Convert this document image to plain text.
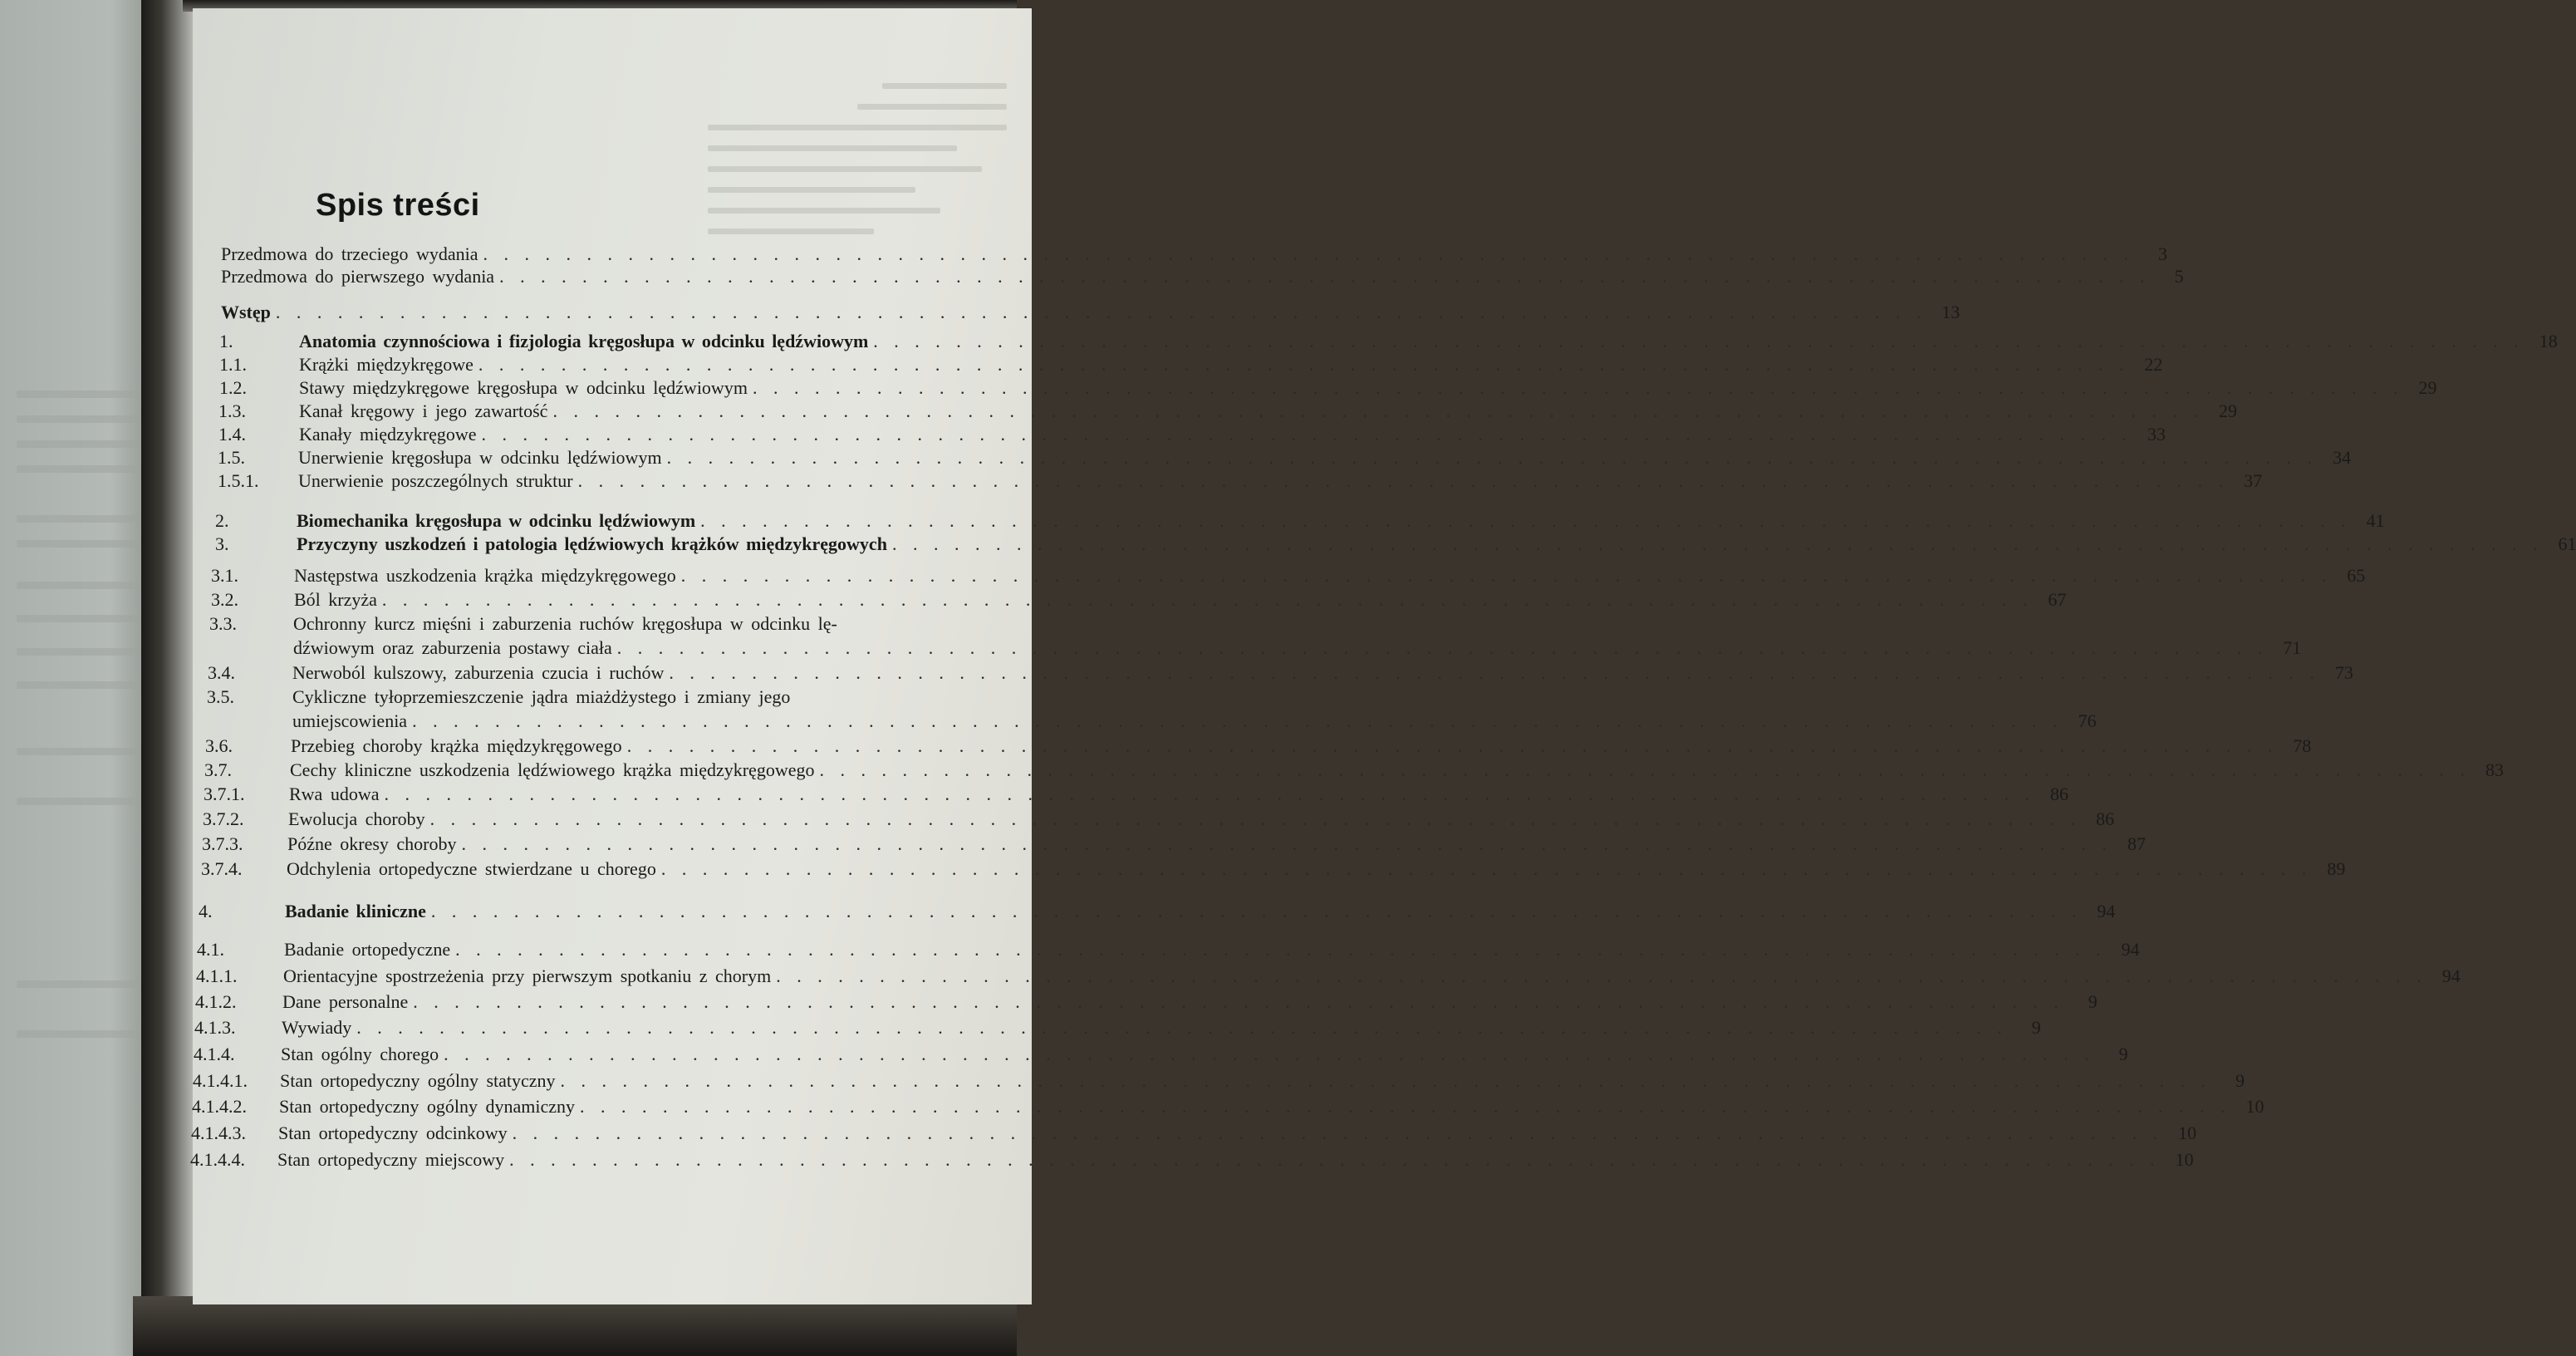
Spis treści
Przedmowa do trzeciego wydania . . . . . . . . . . . . . . . . . . . . . . . . . . . . . . . . . . . . . . . . . . . . . . . . . . . . . . . . . . . . . . . . . . . . . . . . . . . . . . . .	3
Przedmowa do pierwszego wydania . . . . . . . . . . . . . . . . . . . . . . . . . . . . . . . . . . . . . . . . . . . . . . . . . . . . . . . . . . . . . . . . . . . . . . . . . . . . . . . .	5
Wstęp . . . . . . . . . . . . . . . . . . . . . . . . . . . . . . . . . . . . . . . . . . . . . . . . . . . . . . . . . . . . . . . . . . . . . . . . . . . . . . . . 13
1.	Anatomia czynnościowa i fizjologia kręgosłupa w odcinku lędźwiowym . . . . . . . . . . . . . . . . . . . . . . . . . . . . . . . . . . . . . . . . . . . . . . . . . . . . . . . . . . . . . . . . . . . . . . . . . . . . . . . . 18
1.1.	Krążki międzykręgowe . . . . . . . . . . . . . . . . . . . . . . . . . . . . . . . . . . . . . . . . . . . . . . . . . . . . . . . . . . . . . . . . . . . . . . . . . . . . . . . . 22
1.2.	Stawy międzykręgowe kręgosłupa w odcinku lędźwiowym . . . . . . . . . . . . . . . . . . . . . . . . . . . . . . . . . . . . . . . . . . . . . . . . . . . . . . . . . . . . . . . . . . . . . . . . . . . . . . . . 29
1.3.	Kanał kręgowy i jego zawartość . . . . . . . . . . . . . . . . . . . . . . . . . . . . . . . . . . . . . . . . . . . . . . . . . . . . . . . . . . . . . . . . . . . . . . . . . . . . . . . . 29
1.4.	Kanały międzykręgowe . . . . . . . . . . . . . . . . . . . . . . . . . . . . . . . . . . . . . . . . . . . . . . . . . . . . . . . . . . . . . . . . . . . . . . . . . . . . . . . . 33
1.5.	Unerwienie kręgosłupa w odcinku lędźwiowym . . . . . . . . . . . . . . . . . . . . . . . . . . . . . . . . . . . . . . . . . . . . . . . . . . . . . . . . . . . . . . . . . . . . . . . . . . . . . . . . 34
1.5.1.	Unerwienie poszczególnych struktur . . . . . . . . . . . . . . . . . . . . . . . . . . . . . . . . . . . . . . . . . . . . . . . . . . . . . . . . . . . . . . . . . . . . . . . . . . . . . . . . 37
2.	Biomechanika kręgosłupa w odcinku lędźwiowym . . . . . . . . . . . . . . . . . . . . . . . . . . . . . . . . . . . . . . . . . . . . . . . . . . . . . . . . . . . . . . . . . . . . . . . . . . . . . . . . 41
3.	Przyczyny uszkodzeń i patologia lędźwiowych krążków międzykręgowych . . . . . . . . . . . . . . . . . . . . . . . . . . . . . . . . . . . . . . . . . . . . . . . . . . . . . . . . . . . . . . . . . . . . . . . . . . . . . . . . 61
3.1.	Następstwa uszkodzenia krążka międzykręgowego . . . . . . . . . . . . . . . . . . . . . . . . . . . . . . . . . . . . . . . . . . . . . . . . . . . . . . . . . . . . . . . . . . . . . . . . . . . . . . . . 65
3.2.	Ból krzyża . . . . . . . . . . . . . . . . . . . . . . . . . . . . . . . . . . . . . . . . . . . . . . . . . . . . . . . . . . . . . . . . . . . . . . . . . . . . . . . . 67
3.3.	Ochronny kurcz mięśni i zaburzenia ruchów kręgosłupa w odcinku lę-
dźwiowym oraz zaburzenia postawy ciała . . . . . . . . . . . . . . . . . . . . . . . . . . . . . . . . . . . . . . . . . . . . . . . . . . . . . . . . . . . . . . . . . . . . . . . . . . . . . . . . 71
3.4.	Nerwoból kulszowy, zaburzenia czucia i ruchów . . . . . . . . . . . . . . . . . . . . . . . . . . . . . . . . . . . . . . . . . . . . . . . . . . . . . . . . . . . . . . . . . . . . . . . . . . . . . . . . 73
3.5.	Cykliczne tyłoprzemieszczenie jądra miażdżystego i zmiany jego
umiejscowienia . . . . . . . . . . . . . . . . . . . . . . . . . . . . . . . . . . . . . . . . . . . . . . . . . . . . . . . . . . . . . . . . . . . . . . . . . . . . . . . . 76
3.6.	Przebieg choroby krążka międzykręgowego . . . . . . . . . . . . . . . . . . . . . . . . . . . . . . . . . . . . . . . . . . . . . . . . . . . . . . . . . . . . . . . . . . . . . . . . . . . . . . . . 78
3.7.	Cechy kliniczne uszkodzenia lędźwiowego krążka międzykręgowego . . . . . . . . . . . . . . . . . . . . . . . . . . . . . . . . . . . . . . . . . . . . . . . . . . . . . . . . . . . . . . . . . . . . . . . . . . . . . . . . 83
3.7.1.	Rwa udowa . . . . . . . . . . . . . . . . . . . . . . . . . . . . . . . . . . . . . . . . . . . . . . . . . . . . . . . . . . . . . . . . . . . . . . . . . . . . . . . . 86
3.7.2.	Ewolucja choroby . . . . . . . . . . . . . . . . . . . . . . . . . . . . . . . . . . . . . . . . . . . . . . . . . . . . . . . . . . . . . . . . . . . . . . . . . . . . . . . . 86
3.7.3.	Późne okresy choroby . . . . . . . . . . . . . . . . . . . . . . . . . . . . . . . . . . . . . . . . . . . . . . . . . . . . . . . . . . . . . . . . . . . . . . . . . . . . . . . . 87
3.7.4.	Odchylenia ortopedyczne stwierdzane u chorego . . . . . . . . . . . . . . . . . . . . . . . . . . . . . . . . . . . . . . . . . . . . . . . . . . . . . . . . . . . . . . . . . . . . . . . . . . . . . . . . 89
4.	Badanie kliniczne . . . . . . . . . . . . . . . . . . . . . . . . . . . . . . . . . . . . . . . . . . . . . . . . . . . . . . . . . . . . . . . . . . . . . . . . . . . . . . . . 94
4.1.	Badanie ortopedyczne . . . . . . . . . . . . . . . . . . . . . . . . . . . . . . . . . . . . . . . . . . . . . . . . . . . . . . . . . . . . . . . . . . . . . . . . . . . . . . . . 94
4.1.1.	Orientacyjne spostrzeżenia przy pierwszym spotkaniu z chorym . . . . . . . . . . . . . . . . . . . . . . . . . . . . . . . . . . . . . . . . . . . . . . . . . . . . . . . . . . . . . . . . . . . . . . . . . . . . . . . . 94
4.1.2.	Dane personalne . . . . . . . . . . . . . . . . . . . . . . . . . . . . . . . . . . . . . . . . . . . . . . . . . . . . . . . . . . . . . . . . . . . . . . . . . . . . . . . .	9
4.1.3.	Wywiady . . . . . . . . . . . . . . . . . . . . . . . . . . . . . . . . . . . . . . . . . . . . . . . . . . . . . . . . . . . . . . . . . . . . . . . . . . . . . . . .	9
4.1.4.	Stan ogólny chorego . . . . . . . . . . . . . . . . . . . . . . . . . . . . . . . . . . . . . . . . . . . . . . . . . . . . . . . . . . . . . . . . . . . . . . . . . . . . . . . .	9
4.1.4.1.	Stan ortopedyczny ogólny statyczny . . . . . . . . . . . . . . . . . . . . . . . . . . . . . . . . . . . . . . . . . . . . . . . . . . . . . . . . . . . . . . . . . . . . . . . . . . . . . . . .	9
4.1.4.2.	Stan ortopedyczny ogólny dynamiczny . . . . . . . . . . . . . . . . . . . . . . . . . . . . . . . . . . . . . . . . . . . . . . . . . . . . . . . . . . . . . . . . . . . . . . . . . . . . . . . . 10
4.1.4.3.	Stan ortopedyczny odcinkowy . . . . . . . . . . . . . . . . . . . . . . . . . . . . . . . . . . . . . . . . . . . . . . . . . . . . . . . . . . . . . . . . . . . . . . . . . . . . . . . . 10
4.1.4.4.	Stan ortopedyczny miejscowy . . . . . . . . . . . . . . . . . . . . . . . . . . . . . . . . . . . . . . . . . . . . . . . . . . . . . . . . . . . . . . . . . . . . . . . . . . . . . . . . 10
